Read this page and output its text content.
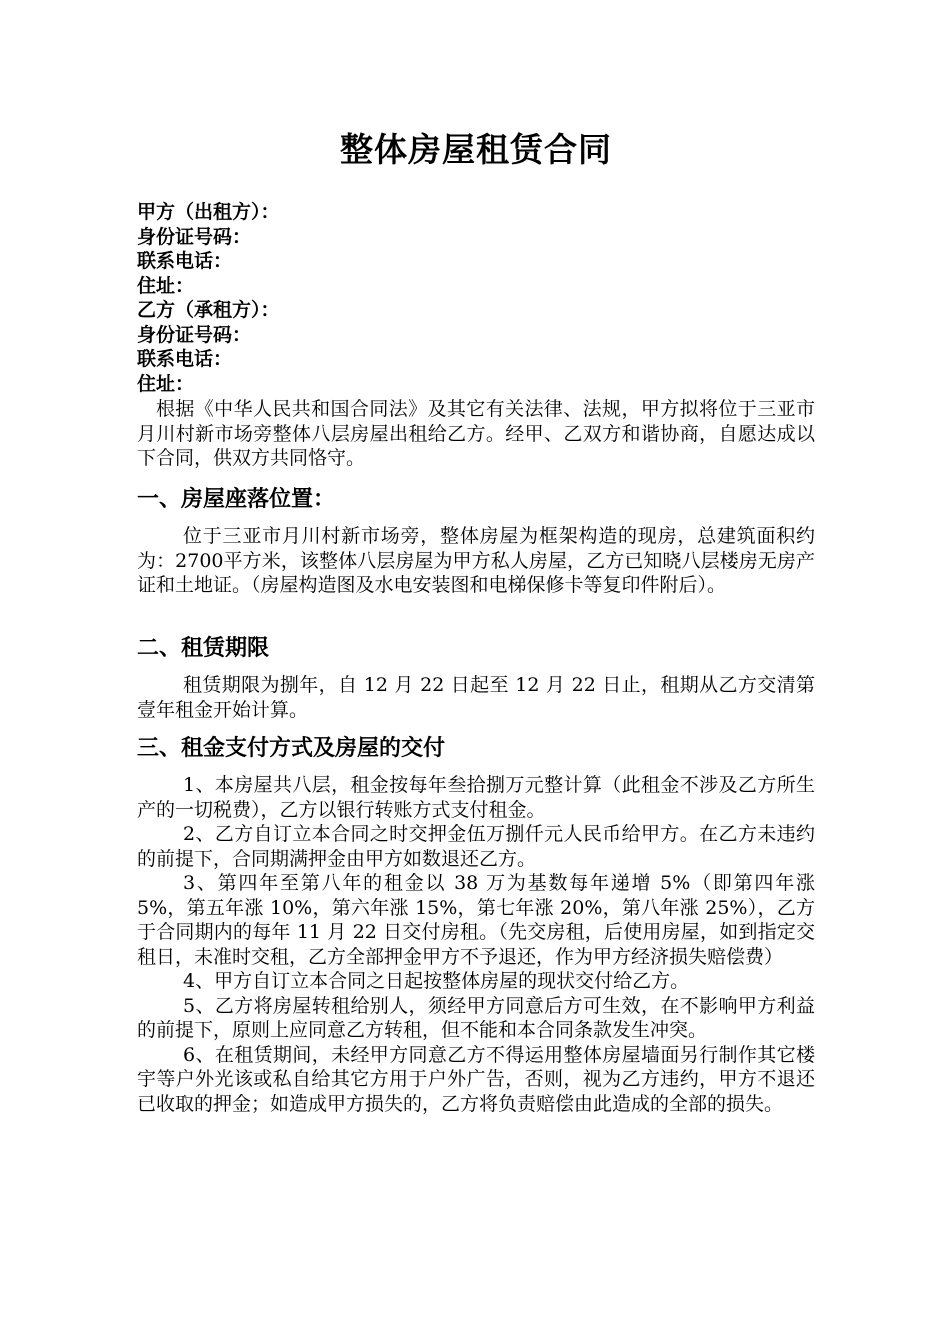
整体房屋租赁合同
甲方（出租方）：
身份证号码：
联系电话：
住址：
乙方（承租方）：
身份证号码：
联系电话：
住址：

根据《中华人民共和国合同法》及其它有关法律、法规，甲方拟将位于三亚市月川村新市场旁整体八层房屋出租给乙方。经甲、乙双方和谐协商，自愿达成以下合同，供双方共同恪守。

一、房屋座落位置：

位于三亚市月川村新市场旁，整体房屋为框架构造的现房，总建筑面积约为：2700平方米，该整体八层房屋为甲方私人房屋，乙方已知晓八层楼房无房产证和土地证。（房屋构造图及水电安装图和电梯保修卡等复印件附后）。

二、租赁期限

租赁期限为捌年，自 12 月 22 日起至 12 月 22 日止，租期从乙方交清第壹年租金开始计算。

三、租金支付方式及房屋的交付

1、本房屋共八层，租金按每年叁拾捌万元整计算（此租金不涉及乙方所生产的一切税费），乙方以银行转账方式支付租金。

2、乙方自订立本合同之时交押金伍万捌仟元人民币给甲方。在乙方未违约的前提下，合同期满押金由甲方如数退还乙方。

3、第四年至第八年的租金以 38 万为基数每年递增 5%（即第四年涨 5%，第五年涨 10%，第六年涨 15%，第七年涨 20%，第八年涨 25%），乙方于合同期内的每年 11 月 22 日交付房租。（先交房租，后使用房屋，如到指定交租日，未准时交租，乙方全部押金甲方不予退还，作为甲方经济损失赔偿费）

4、甲方自订立本合同之日起按整体房屋的现状交付给乙方。

5、乙方将房屋转租给别人，须经甲方同意后方可生效，在不影响甲方利益的前提下，原则上应同意乙方转租，但不能和本合同条款发生冲突。

6、在租赁期间，未经甲方同意乙方不得运用整体房屋墙面另行制作其它楼宇等户外光该或私自给其它方用于户外广告，否则，视为乙方违约，甲方不退还已收取的押金；如造成甲方损失的，乙方将负责赔偿由此造成的全部的损失。
